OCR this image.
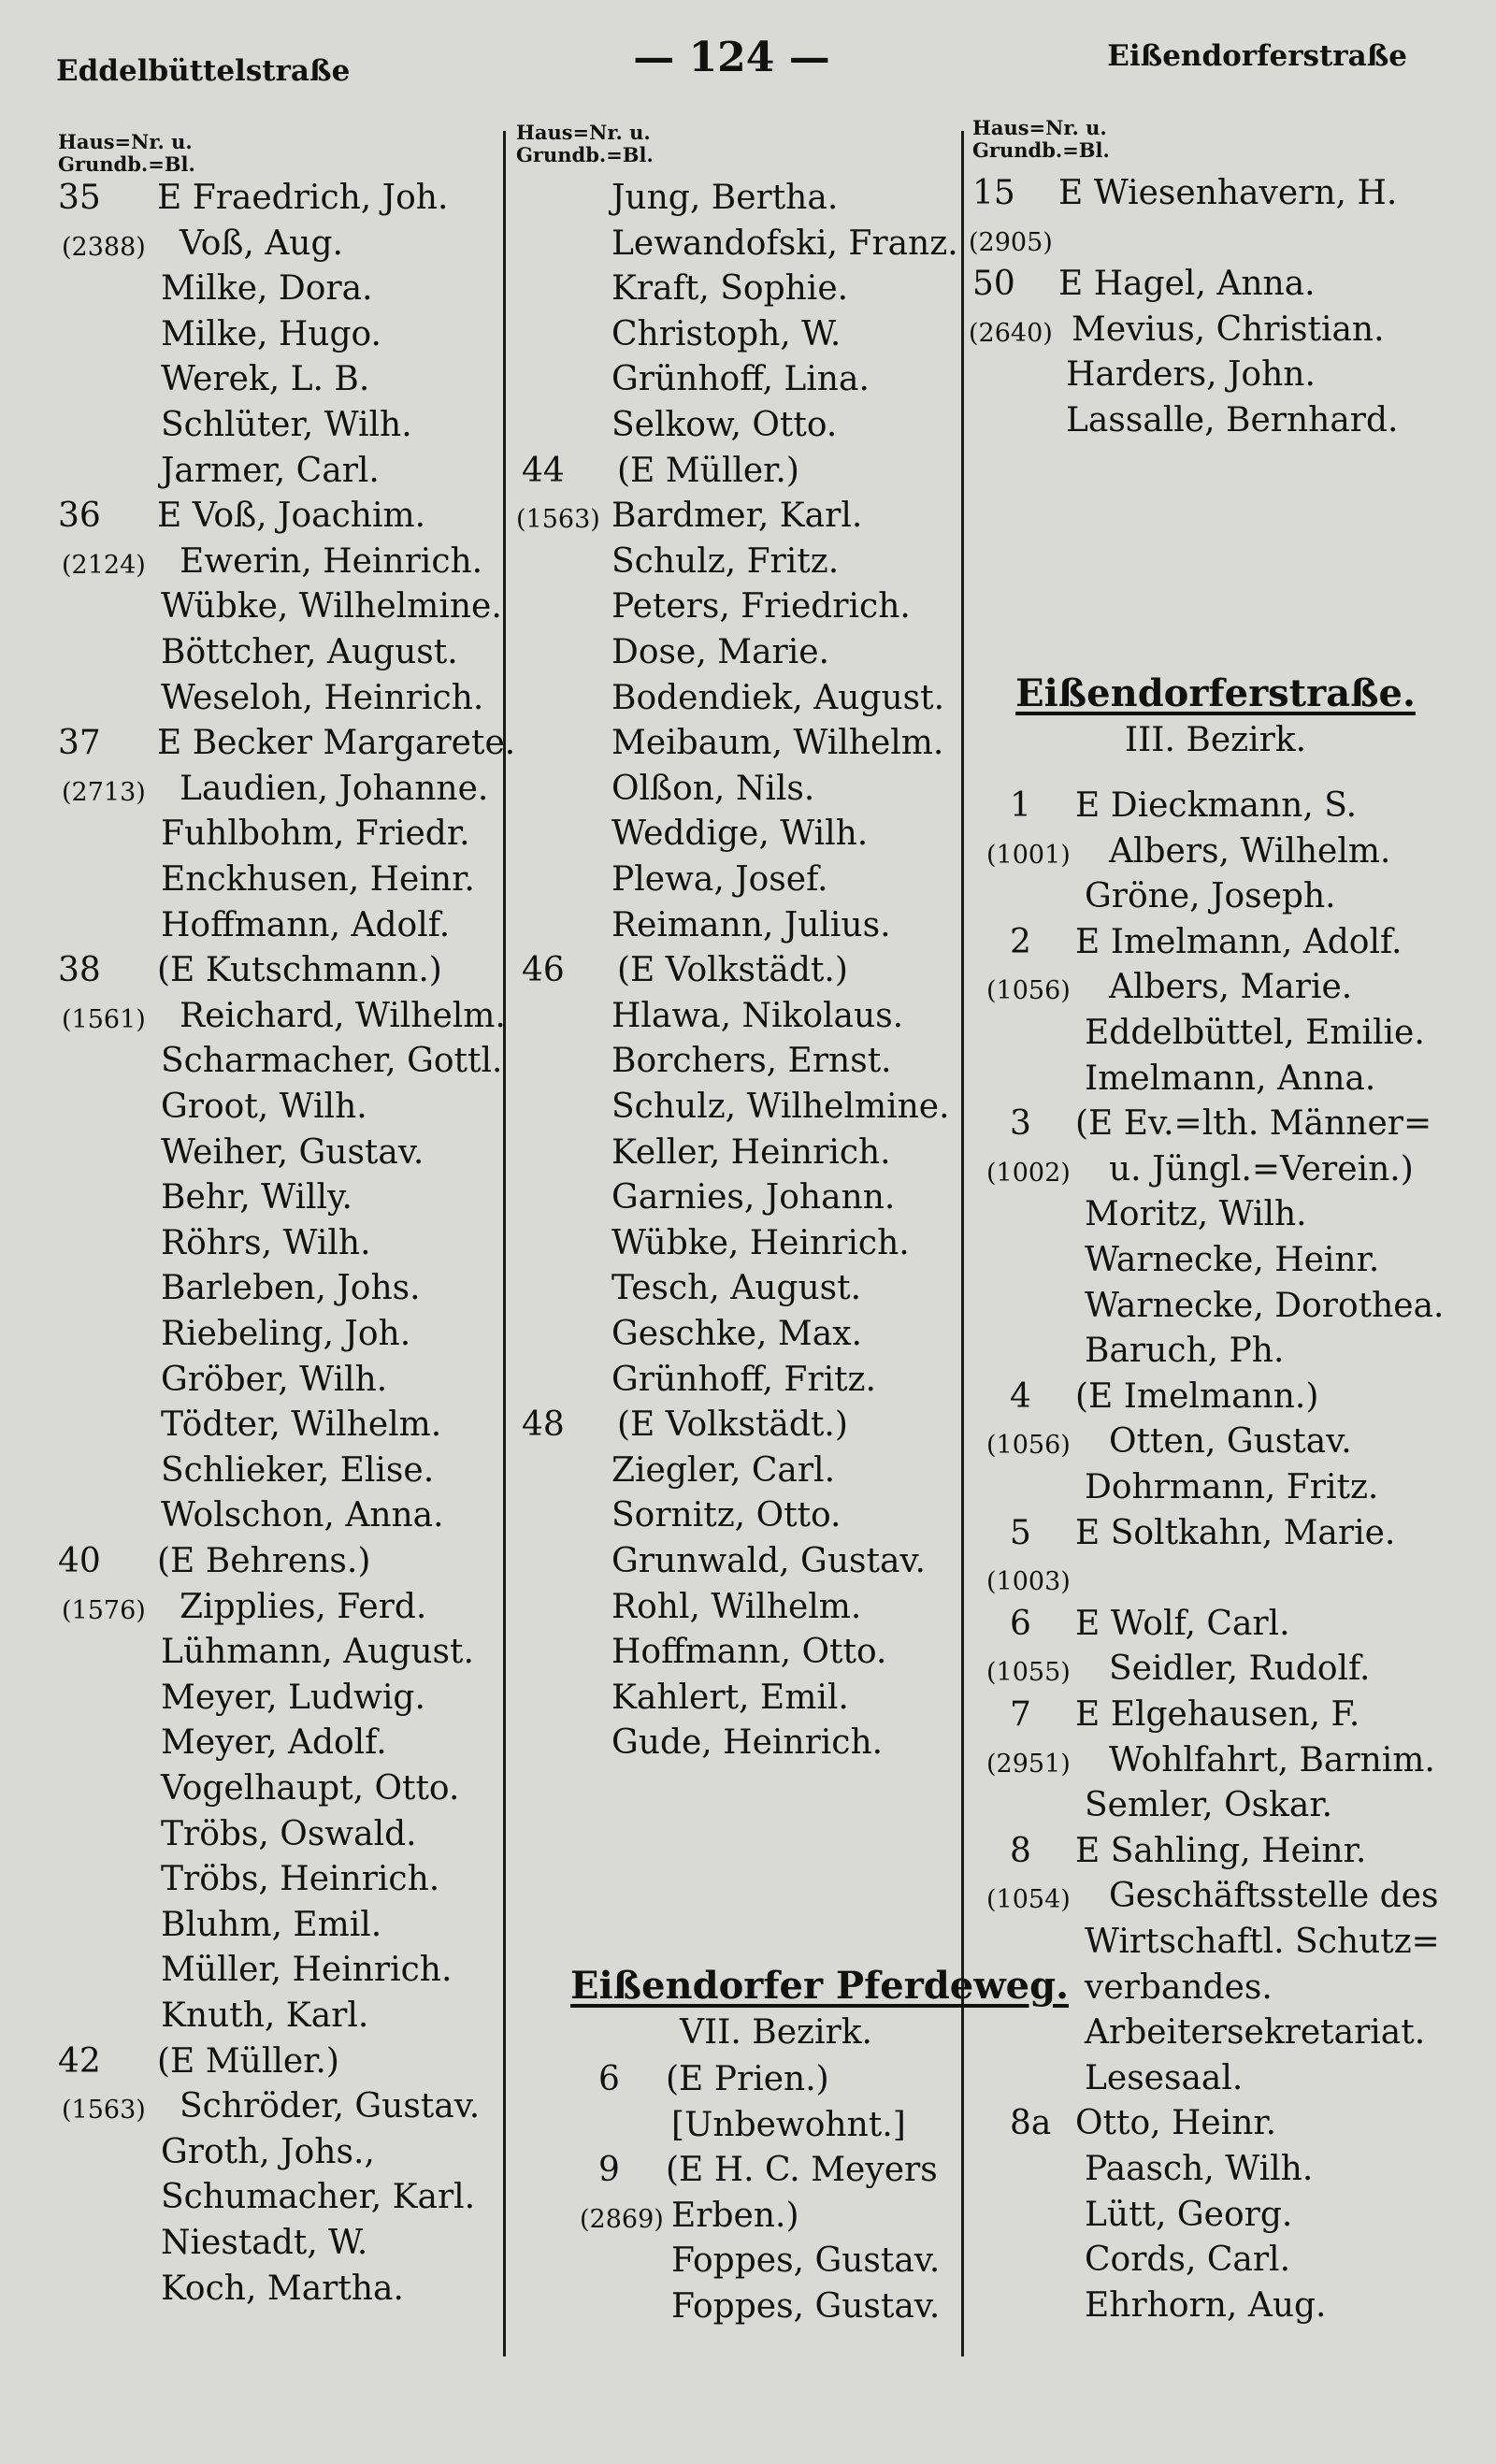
Eddelbüttelstraße	— 124 —	Eißendorferstraße
Haus=Nr. u.
Grundb.=Bl.
Haus=Nr. u.
Grundb.=Bl.
Haus=Nr. u.
Grundb.=Bl.
35 E Fraedrich, Joh.
(2388) Voß, Aug.
Milke, Dora.
Milke, Hugo.
Werek, L. B.
Schlüter, Wilh.
Jarmer, Carl.
36 E Voß, Joachim.
(2124) Ewerin, Heinrich.
Wübke, Wilhelmine.
Böttcher, August.
Weseloh, Heinrich.
37 E Becker Margarete.
(2713) Laudien, Johanne.
Fuhlbohm, Friedr.
Enckhusen, Heinr.
Hoffmann, Adolf.
38 (E Kutschmann.)
(1561) Reichard, Wilhelm.
Scharmacher, Gottl.
Groot, Wilh.
Weiher, Gustav.
Behr, Willy.
Röhrs, Wilh.
Barleben, Johs.
Riebeling, Joh.
Gröber, Wilh.
Tödter, Wilhelm.
Schlieker, Elise.
Wolschon, Anna.
40 (E Behrens.)
(1576) Zipplies, Ferd.
Lühmann, August.
Meyer, Ludwig.
Meyer, Adolf.
Vogelhaupt, Otto.
Tröbs, Oswald.
Tröbs, Heinrich.
Bluhm, Emil.
Müller, Heinrich.
Knuth, Karl.
42 (E Müller.)
(1563) Schröder, Gustav.
Groth, Johs.,
Schumacher, Karl.
Niestadt, W.
Koch, Martha.
Jung, Bertha.
Lewandofski, Franz.
Kraft, Sophie.
Christoph, W.
Grünhoff, Lina.
Selkow, Otto.
44 (E Müller.)
(1563) Bardmer, Karl.
Schulz, Fritz.
Peters, Friedrich.
Dose, Marie.
Bodendiek, August.
Meibaum, Wilhelm.
Olßon, Nils.
Weddige, Wilh.
Plewa, Josef.
Reimann, Julius.
46 (E Volkstädt.)
Hlawa, Nikolaus.
Borchers, Ernst.
Schulz, Wilhelmine.
Keller, Heinrich.
Garnies, Johann.
Wübke, Heinrich.
Tesch, August.
Geschke, Max.
Grünhoff, Fritz.
48 (E Volkstädt.)
Ziegler, Carl.
Sornitz, Otto.
Grunwald, Gustav.
Rohl, Wilhelm.
Hoffmann, Otto.
Kahlert, Emil.
Gude, Heinrich.
Eißendorfer Pferdeweg.
VII. Bezirk.
6 (E Prien.)
[Unbewohnt.]
9 (E H. C. Meyers
(2869) Erben.)
Foppes, Gustav.
Foppes, Gustav.
15 E Wiesenhavern, H.
(2905)
50 E Hagel, Anna.
(2640) Mevius, Christian.
Harders, John.
Lassalle, Bernhard.
Eißendorferstraße.
III. Bezirk.
1 E Dieckmann, S.
(1001) Albers, Wilhelm.
Gröne, Joseph.
2 E Imelmann, Adolf.
(1056) Albers, Marie.
Eddelbüttel, Emilie.
Imelmann, Anna.
3 (E Ev.=lth. Männer=
(1002) u. Jüngl.=Verein.)
Moritz, Wilh.
Warnecke, Heinr.
Warnecke, Dorothea.
Baruch, Ph.
4 (E Imelmann.)
(1056) Otten, Gustav.
Dohrmann, Fritz.
5 E Soltkahn, Marie.
(1003)
6 E Wolf, Carl.
(1055) Seidler, Rudolf.
7 E Elgehausen, F.
(2951) Wohlfahrt, Barnim.
Semler, Oskar.
8 E Sahling, Heinr.
(1054) Geschäftsstelle des
Wirtschaftl. Schutz=
verbandes.
Arbeitersekretariat.
Lesesaal.
8a Otto, Heinr.
Paasch, Wilh.
Lütt, Georg.
Cords, Carl.
Ehrhorn, Aug.
